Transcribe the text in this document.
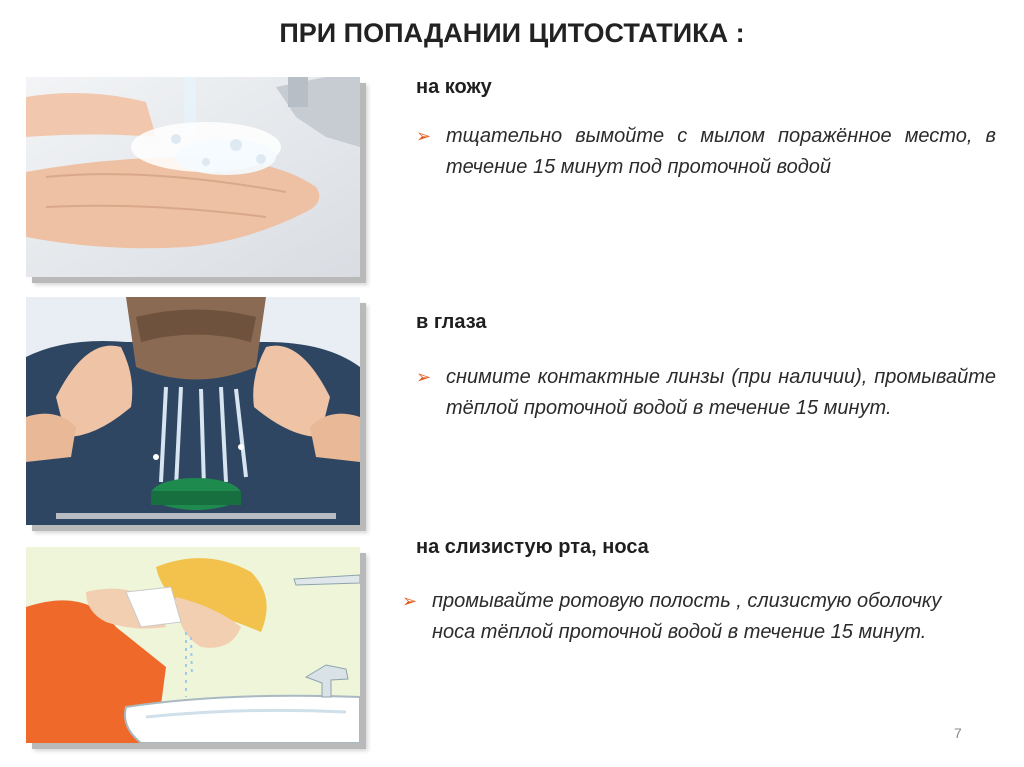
ПРИ ПОПАДАНИИ ЦИТОСТАТИКА :
на кожу
➢ тщательно вымойте с мылом поражённое место, в течение 15 минут под проточной водой
в глаза
➢ снимите контактные линзы (при наличии), промывайте тёплой проточной водой в течение 15 минут.
на слизистую рта, носа
➢ промывайте ротовую полость , слизистую оболочку носа тёплой проточной водой в течение 15 минут.
7
